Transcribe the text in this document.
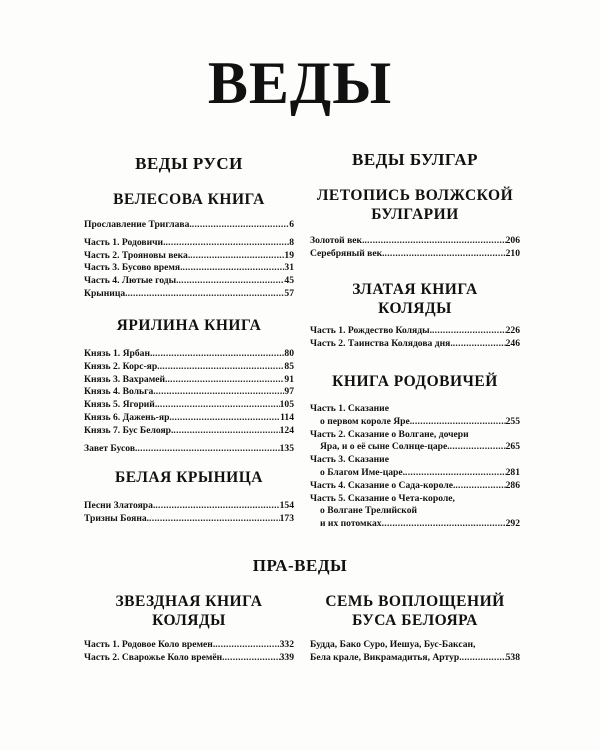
ВЕДЫ
ВЕДЫ РУСИ
ВЕЛЕСОВА КНИГА
Прославление Триглава. .....	6
Часть 1. Родовичи. .....	8
Часть 2. Трояновы века. .....	19
Часть 3. Бусово время. .....	31
Часть 4. Лютые годы. .....	45
Крыница. .....	57
ЯРИЛИНА КНИГА
Князь 1. Ярбан. .....	80
Князь 2. Корс-яр. .....	85
Князь 3. Вахрамей. .....	91
Князь 4. Вольга. .....	97
Князь 5. Ягорий. .....	105
Князь 6. Дажень-яр. .....	114
Князь 7. Бус Белояр. .....	124
Завет Бусов. .....	135
БЕЛАЯ КРЫНИЦА
Песни Златояра. .....	154
Тризны Бояна. .....	173
ВЕДЫ БУЛГАР
ЛЕТОПИСЬ ВОЛЖСКОЙ
БУЛГАРИИ
Золотой век. .....	206
Серебряный век. .....	210
ЗЛАТАЯ КНИГА
КОЛЯДЫ
Часть 1. Рождество Коляды. .....	226
Часть 2. Таинства Колядова дня. .....	246
КНИГА РОДОВИЧЕЙ
Часть 1. Сказание
о первом короле Яре. .....	255
Часть 2. Сказание о Волгане, дочери
Яра, и о её сыне Солнце-царе. .....	265
Часть 3. Сказание
о Благом Име-царе. .....	281
Часть 4. Сказание о Сада-короле. .....	286
Часть 5. Сказание о Чета-короле,
о Волгане Трелийской
и их потомках .....	292
ПРА-ВЕДЫ
ЗВЕЗДНАЯ КНИГА
КОЛЯДЫ
Часть 1. Родовое Коло времен. .....	332
Часть 2. Сварожье Коло времён. .....	339
СЕМЬ ВОПЛОЩЕНИЙ
БУСА БЕЛОЯРА
Будда, Бако Суро, Иешуа, Бус-Баксан,
Бела крале, Викрамадитья, Артур. .....	538
